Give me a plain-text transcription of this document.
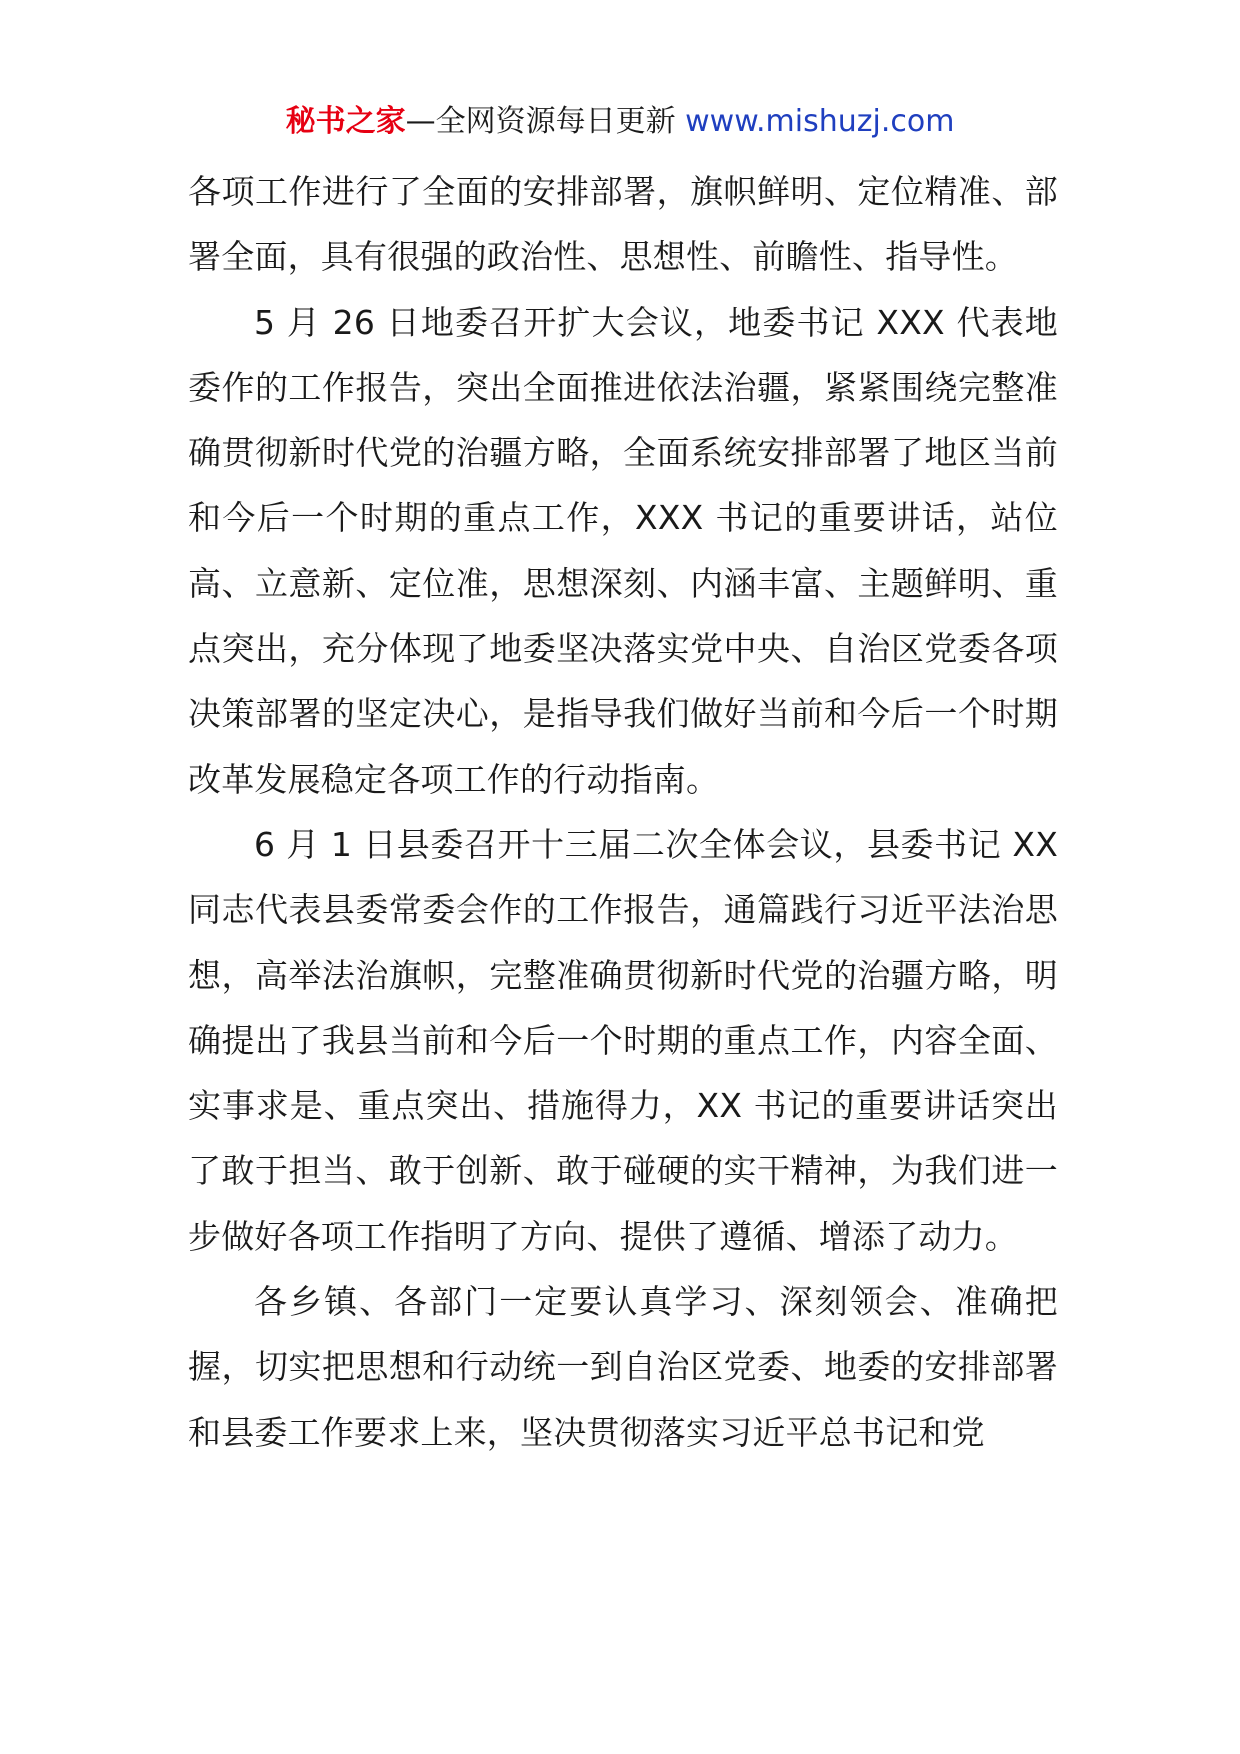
秘书之家—全网资源每日更新 www.mishuzj.com

各项工作进行了全面的安排部署，旗帜鲜明、定位精准、部署全面，具有很强的政治性、思想性、前瞻性、指导性。

5 月 26 日地委召开扩大会议，地委书记 XXX 代表地委作的工作报告，突出全面推进依法治疆，紧紧围绕完整准确贯彻新时代党的治疆方略，全面系统安排部署了地区当前和今后一个时期的重点工作，XXX 书记的重要讲话，站位高、立意新、定位准，思想深刻、内涵丰富、主题鲜明、重点突出，充分体现了地委坚决落实党中央、自治区党委各项决策部署的坚定决心，是指导我们做好当前和今后一个时期改革发展稳定各项工作的行动指南。

6 月 1 日县委召开十三届二次全体会议，县委书记 XX 同志代表县委常委会作的工作报告，通篇践行习近平法治思想，高举法治旗帜，完整准确贯彻新时代党的治疆方略，明确提出了我县当前和今后一个时期的重点工作，内容全面、实事求是、重点突出、措施得力，XX 书记的重要讲话突出了敢于担当、敢于创新、敢于碰硬的实干精神，为我们进一步做好各项工作指明了方向、提供了遵循、增添了动力。

各乡镇、各部门一定要认真学习、深刻领会、准确把握，切实把思想和行动统一到自治区党委、地委的安排部署和县委工作要求上来，坚决贯彻落实习近平总书记和党
